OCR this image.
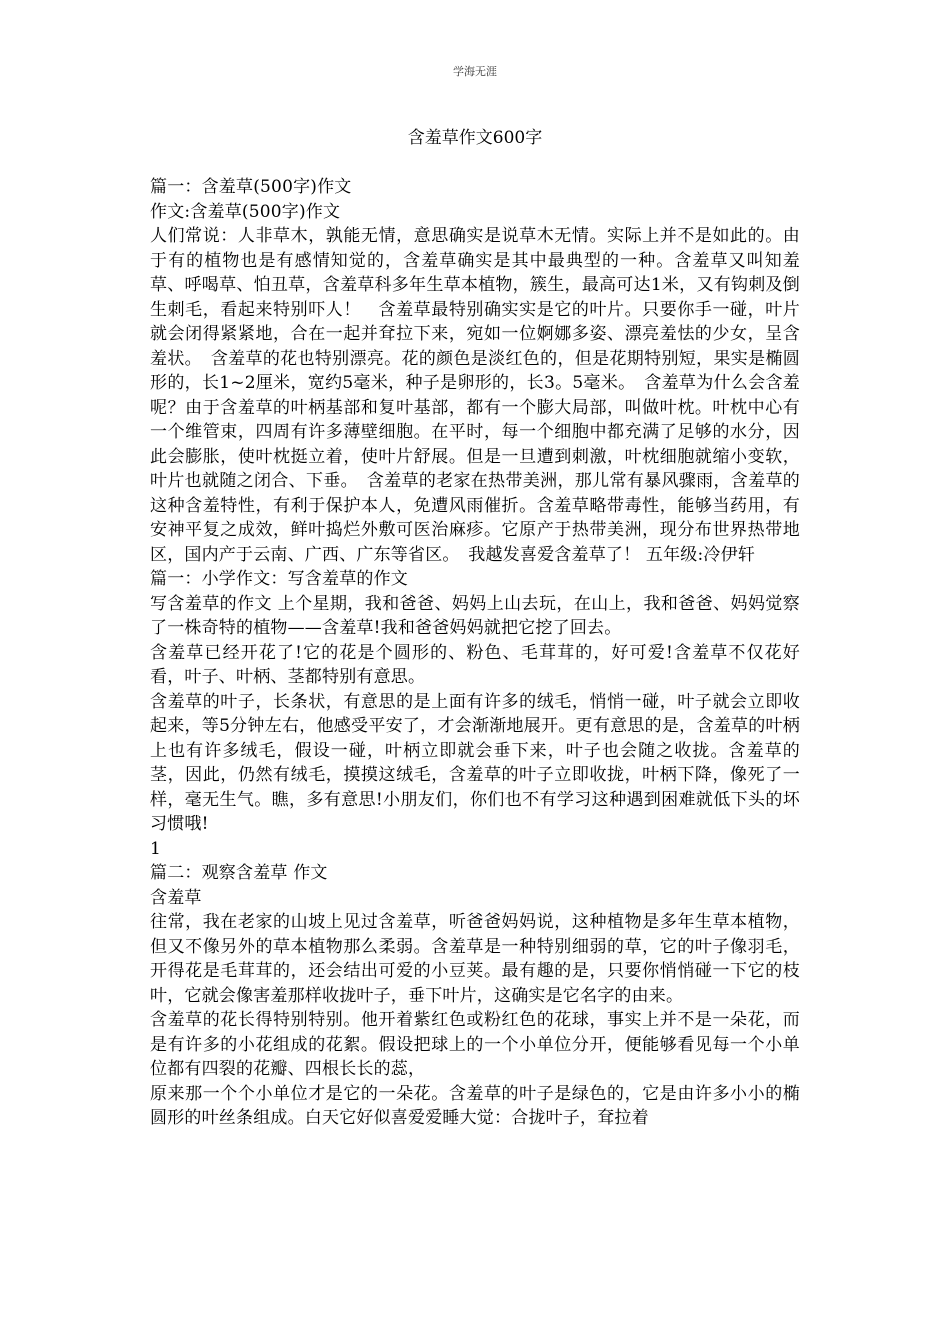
学海无涯
含羞草作文600字

篇一：含羞草(500字)作文

作文:含羞草(500字)作文

人们常说：人非草木，孰能无情，意思确实是说草木无情。实际上并不是如此的。由于有的植物也是有感情知觉的，含羞草确实是其中最典型的一种。含羞草又叫知羞草、呼喝草、怕丑草，含羞草科多年生草本植物，簇生，最高可达1米，又有钩刺及倒生刺毛，看起来特别吓人！　含羞草最特别确实实是它的叶片。只要你手一碰，叶片就会闭得紧紧地，合在一起并耷拉下来，宛如一位婀娜多姿、漂亮羞怯的少女，呈含羞状。　含羞草的花也特别漂亮。花的颜色是淡红色的，但是花期特别短，果实是椭圆形的，长1~2厘米，宽约5毫米，种子是卵形的，长3。5毫米。　含羞草为什么会含羞呢？由于含羞草的叶柄基部和复叶基部，都有一个膨大局部，叫做叶枕。叶枕中心有一个维管束，四周有许多薄壁细胞。在平时，每一个细胞中都充满了足够的水分，因此会膨胀，使叶枕挺立着，使叶片舒展。但是一旦遭到刺激，叶枕细胞就缩小变软，叶片也就随之闭合、下垂。　含羞草的老家在热带美洲，那儿常有暴风骤雨，含羞草的这种含羞特性，有利于保护本人，免遭风雨催折。含羞草略带毒性，能够当药用，有安神平复之成效，鲜叶捣烂外敷可医治麻疹。它原产于热带美洲，现分布世界热带地区，国内产于云南、广西、广东等省区。　我越发喜爱含羞草了！ 五年级:冷伊轩

篇一：小学作文：写含羞草的作文

写含羞草的作文 上个星期，我和爸爸、妈妈上山去玩，在山上，我和爸爸、妈妈觉察了一株奇特的植物——含羞草!我和爸爸妈妈就把它挖了回去。

含羞草已经开花了!它的花是个圆形的、粉色、毛茸茸的，好可爱!含羞草不仅花好看，叶子、叶柄、茎都特别有意思。

含羞草的叶子，长条状，有意思的是上面有许多的绒毛，悄悄一碰，叶子就会立即收起来，等5分钟左右，他感受平安了，才会渐渐地展开。更有意思的是，含羞草的叶柄上也有许多绒毛，假设一碰，叶柄立即就会垂下来，叶子也会随之收拢。含羞草的茎，因此，仍然有绒毛，摸摸这绒毛，含羞草的叶子立即收拢，叶柄下降，像死了一样，毫无生气。瞧，多有意思!小朋友们，你们也不有学习这种遇到困难就低下头的坏习惯哦!

1

篇二：观察含羞草 作文

含羞草

往常，我在老家的山坡上见过含羞草，听爸爸妈妈说，这种植物是多年生草本植物，但又不像另外的草本植物那么柔弱。含羞草是一种特别细弱的草，它的叶子像羽毛，开得花是毛茸茸的，还会结出可爱的小豆荚。最有趣的是，只要你悄悄碰一下它的枝叶，它就会像害羞那样收拢叶子，垂下叶片，这确实是它名字的由来。

含羞草的花长得特别特别。他开着紫红色或粉红色的花球，事实上并不是一朵花，而是有许多的小花组成的花絮。假设把球上的一个小单位分开，便能够看见每一个小单位都有四裂的花瓣、四根长长的蕊，

原来那一个个小单位才是它的一朵花。含羞草的叶子是绿色的，它是由许多小小的椭圆形的叶丝条组成。白天它好似喜爱爱睡大觉：合拢叶子，耷拉着
